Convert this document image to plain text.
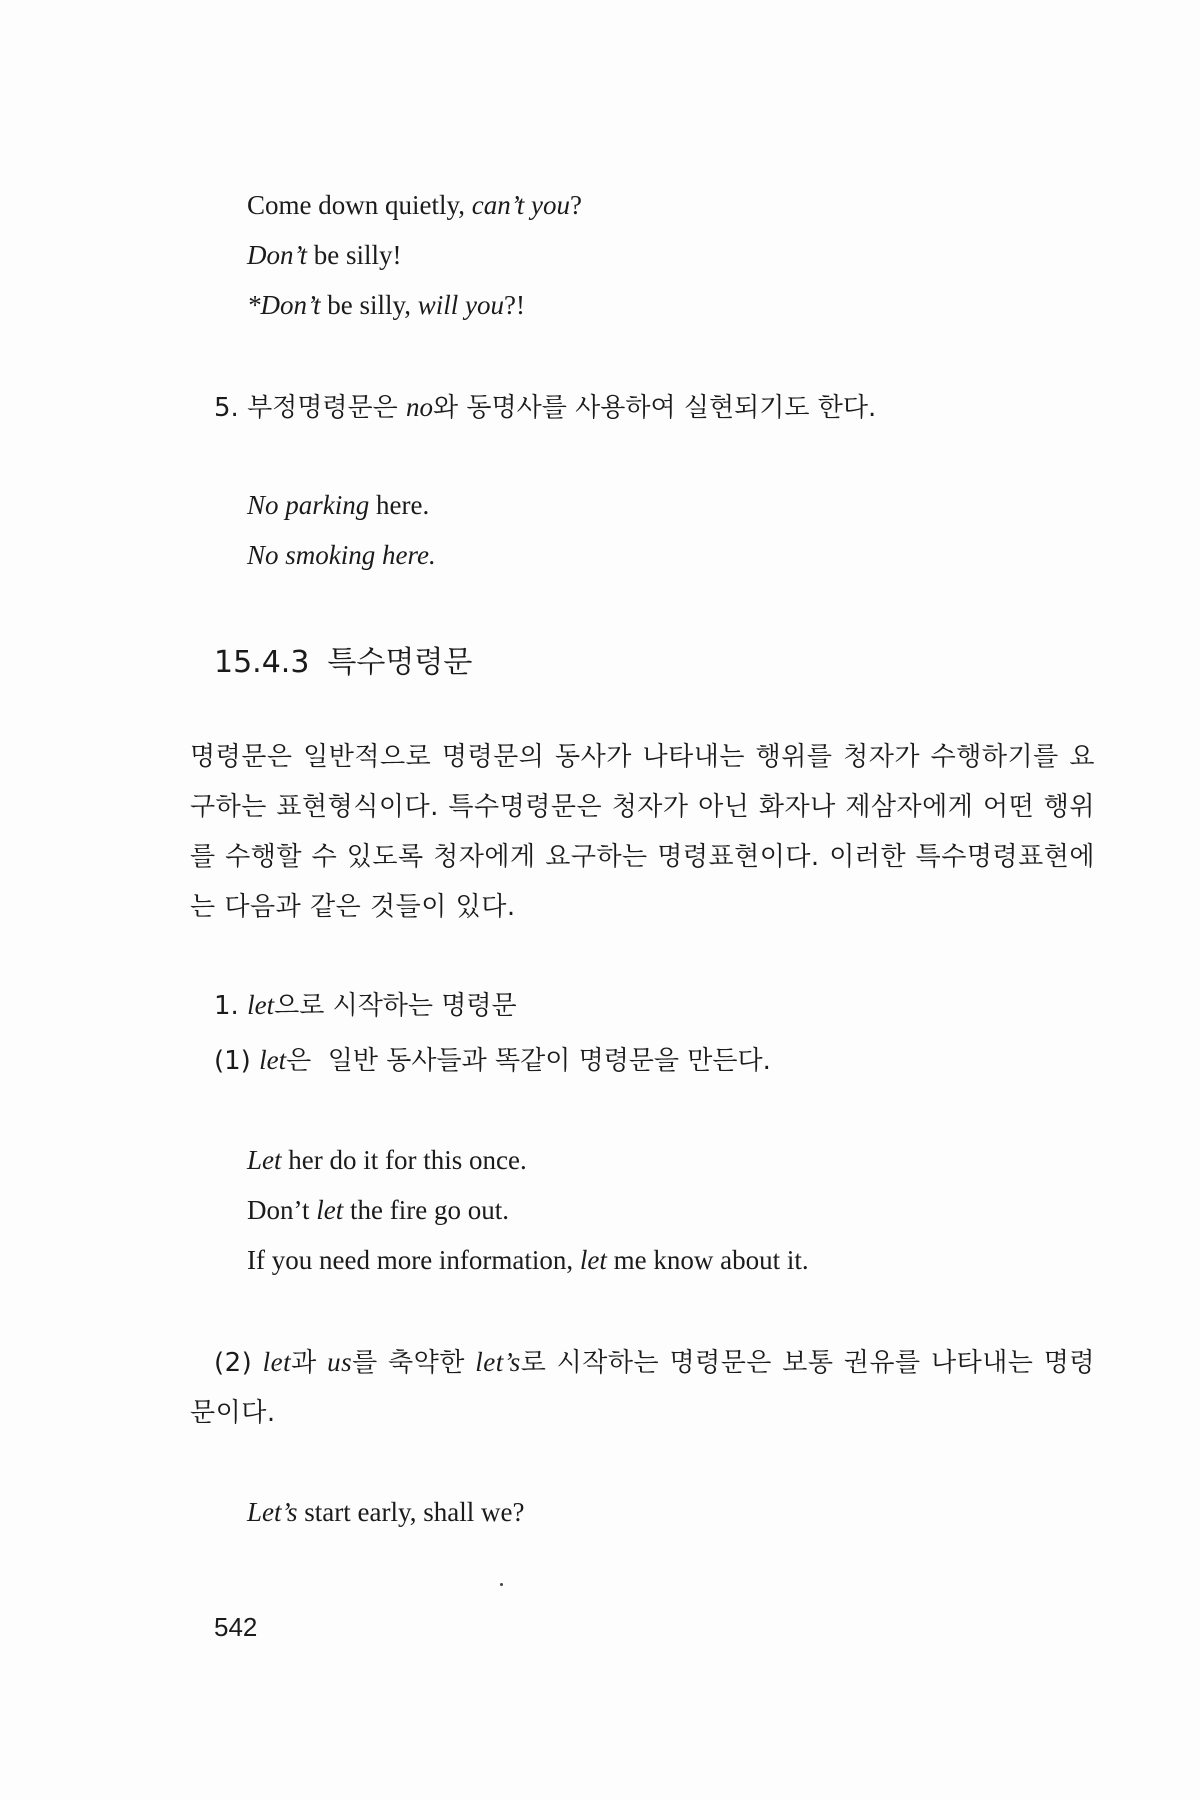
Come down quietly, can’t you?

Don’t be silly!

*Don’t be silly, will you?!

5. 부정명령문은 no와 동명사를 사용하여 실현되기도 한다.

No parking here.

No smoking here.

15.4.3 특수명령문

명령문은 일반적으로 명령문의 동사가 나타내는 행위를 청자가 수행하기를 요구하는 표현형식이다. 특수명령문은 청자가 아닌 화자나 제삼자에게 어떤 행위를 수행할 수 있도록 청자에게 요구하는 명령표현이다. 이러한 특수명령표현에는 다음과 같은 것들이 있다.

1. let으로 시작하는 명령문

(1) let은  일반 동사들과 똑같이 명령문을 만든다.

Let her do it for this once.

Don’t let the fire go out.

If you need more information, let me know about it.

(2) let과 us를 축약한 let’s로 시작하는 명령문은 보통 권유를 나타내는 명령문이다.

Let’s start early, shall we?

542
